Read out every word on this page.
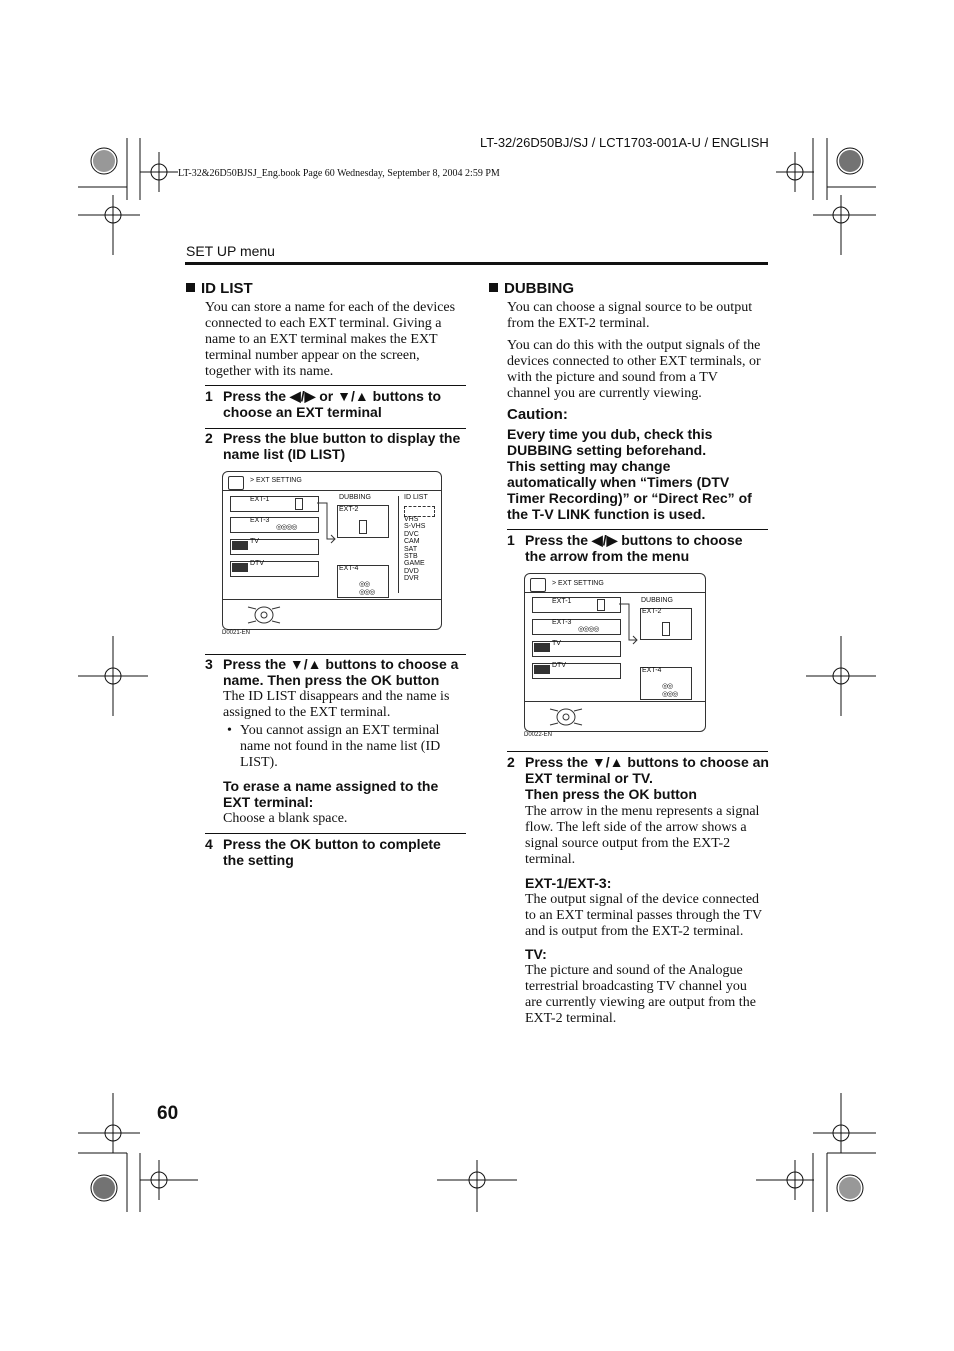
LT-32/26D50BJ/SJ / LCT1703-001A-U / ENGLISH
LT-32&26D50BJSJ_Eng.book Page 60 Wednesday, September 8, 2004 2:59 PM
SET UP menu
ID LIST
You can store a name for each of the devices
connected to each EXT terminal. Giving a
name to an EXT terminal makes the EXT
terminal number appear on the screen,
together with its name.
1 Press the ◀/▶ or ▼/▲ buttons to
choose an EXT terminal
2 Press the blue button to display the
name list (ID LIST)
> EXT SETTING
EXT-1
EXT-3
◎◎◎◎
TV
DTV
DUBBING
EXT-2
EXT-4
◎◎
◎◎◎
ID LIST
VHS
S-VHS
DVC
CAM
SAT
STB
GAME
DVD
DVR
D0021-EN
3 Press the ▼/▲ buttons to choose a
name. Then press the OK button
The ID LIST disappears and the name is
assigned to the EXT terminal.
• You cannot assign an EXT terminal
name not found in the name list (ID
LIST).
To erase a name assigned to the
EXT terminal:
Choose a blank space.
4 Press the OK button to complete
the setting
DUBBING
You can choose a signal source to be output
from the EXT-2 terminal.
You can do this with the output signals of the
devices connected to other EXT terminals, or
with the picture and sound from a TV
channel you are currently viewing.
Caution:
Every time you dub, check this
DUBBING setting beforehand.
This setting may change
automatically when “Timers (DTV
Timer Recording)” or “Direct Rec” of
the T-V LINK function is used.
1 Press the ◀/▶ buttons to choose
the arrow from the menu
> EXT SETTING
EXT-1
EXT-3
◎◎◎◎
TV
DTV
DUBBING
EXT-2
EXT-4
◎◎
◎◎◎
D0022-EN
2 Press the ▼/▲ buttons to choose an
EXT terminal or TV.
Then press the OK button
The arrow in the menu represents a signal
flow. The left side of the arrow shows a
signal source output from the EXT-2
terminal.
EXT-1/EXT-3:
The output signal of the device connected
to an EXT terminal passes through the TV
and is output from the EXT-2 terminal.
TV:
The picture and sound of the Analogue
terrestrial broadcasting TV channel you
are currently viewing are output from the
EXT-2 terminal.
60
